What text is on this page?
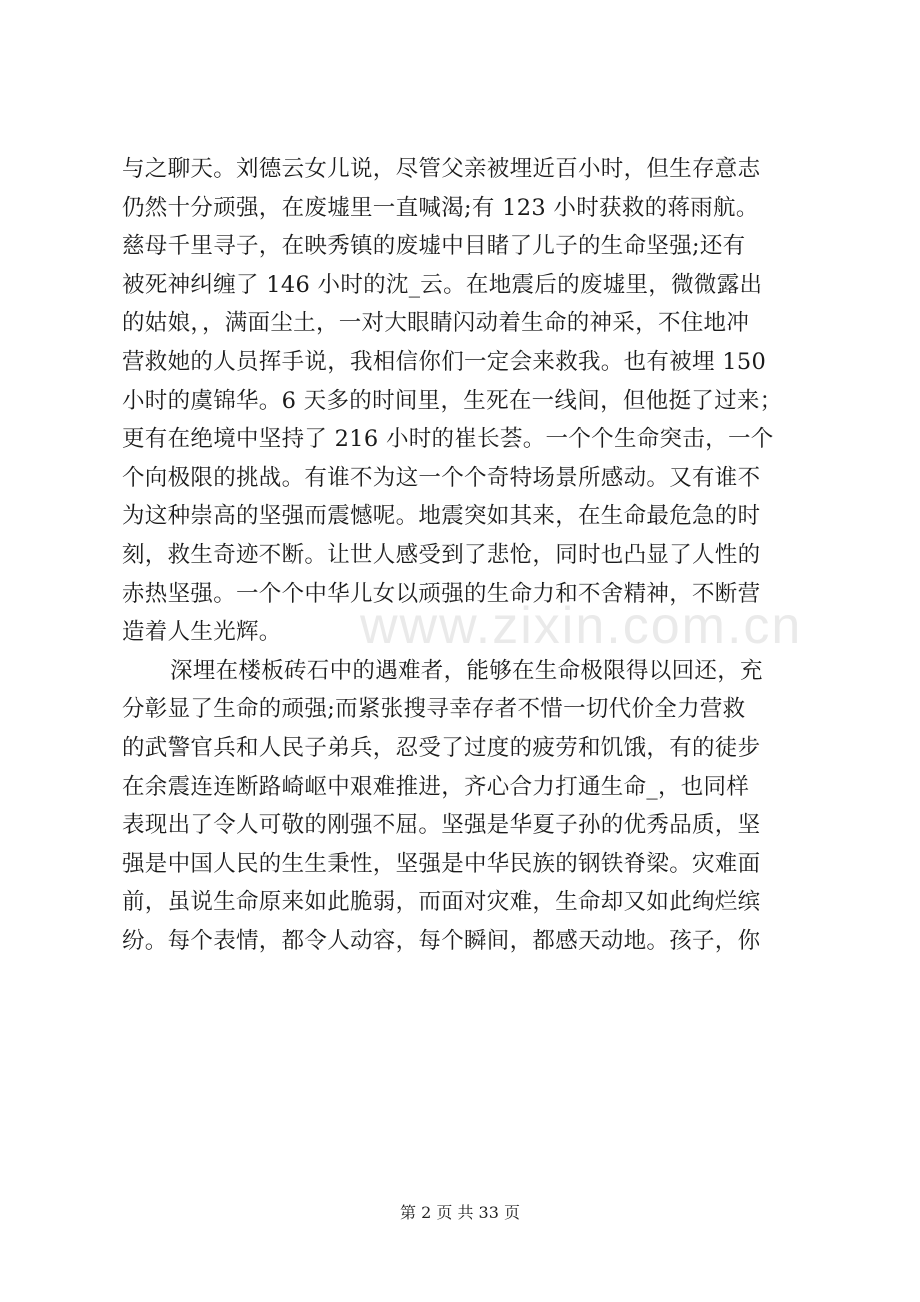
www.zixin.com.cn
与之聊天。刘德云女儿说，尽管父亲被埋近百小时，但生存意志
仍然十分顽强，在废墟里一直喊渴;有 123 小时获救的蒋雨航。
慈母千里寻子，在映秀镇的废墟中目睹了儿子的生命坚强;还有
被死神纠缠了 146 小时的沈_云。在地震后的废墟里，微微露出
的姑娘，，满面尘土，一对大眼睛闪动着生命的神采，不住地冲
营救她的人员挥手说，我相信你们一定会来救我。也有被埋 150
小时的虞锦华。6 天多的时间里，生死在一线间，但他挺了过来；
更有在绝境中坚持了 216 小时的崔长荟。一个个生命突击，一个
个向极限的挑战。有谁不为这一个个奇特场景所感动。又有谁不
为这种崇高的坚强而震憾呢。地震突如其来，在生命最危急的时
刻，救生奇迹不断。让世人感受到了悲怆，同时也凸显了人性的
赤热坚强。一个个中华儿女以顽强的生命力和不舍精神，不断营
造着人生光辉。
深埋在楼板砖石中的遇难者，能够在生命极限得以回还，充
分彰显了生命的顽强;而紧张搜寻幸存者不惜一切代价全力营救
的武警官兵和人民子弟兵，忍受了过度的疲劳和饥饿，有的徒步
在余震连连断路崎岖中艰难推进，齐心合力打通生命_，也同样
表现出了令人可敬的刚强不屈。坚强是华夏子孙的优秀品质，坚
强是中国人民的生生秉性，坚强是中华民族的钢铁脊梁。灾难面
前，虽说生命原来如此脆弱，而面对灾难，生命却又如此绚烂缤
纷。每个表情，都令人动容，每个瞬间，都感天动地。孩子，你
第 2 页 共 33 页
